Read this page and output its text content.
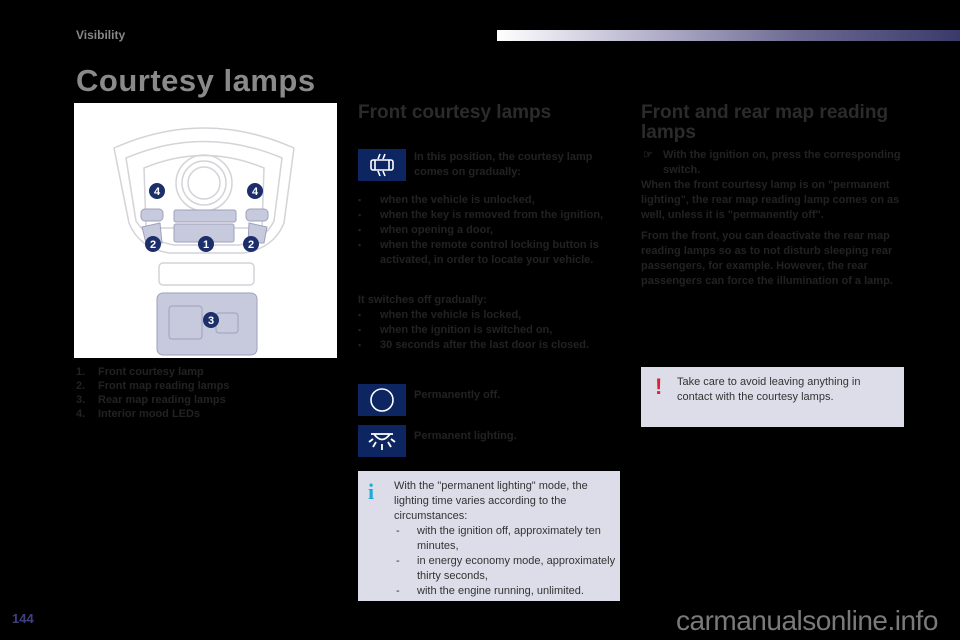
Visibility
Courtesy lamps
1
2	2
4	4
3
1. Front courtesy lamp
2. Front map reading lamps
3. Rear map reading lamps
4. Interior mood LEDs
Front courtesy lamps
In this position, the courtesy lamp comes on gradually:
▪ when the vehicle is unlocked,
▪ when the key is removed from the ignition,
▪ when opening a door,
▪ when the remote control locking button is activated, in order to locate your vehicle.
It switches off gradually:
▪ when the vehicle is locked,
▪ when the ignition is switched on,
▪ 30 seconds after the last door is closed.
Permanently off.
Permanent lighting.
i With the "permanent lighting" mode, the lighting time varies according to the circumstances:
- with the ignition off, approximately ten minutes,
- in energy economy mode, approximately thirty seconds,
- with the engine running, unlimited.
Front and rear map reading lamps
☞ With the ignition on, press the corresponding switch.
When the front courtesy lamp is on "permanent lighting", the rear map reading lamp comes on as well, unless it is "permanently off".
From the front, you can deactivate the rear map reading lamps so as to not disturb sleeping rear passengers, for example. However, the rear passengers can force the illumination of a lamp.
! Take care to avoid leaving anything in contact with the courtesy lamps.
144	carmanualsonline.info
